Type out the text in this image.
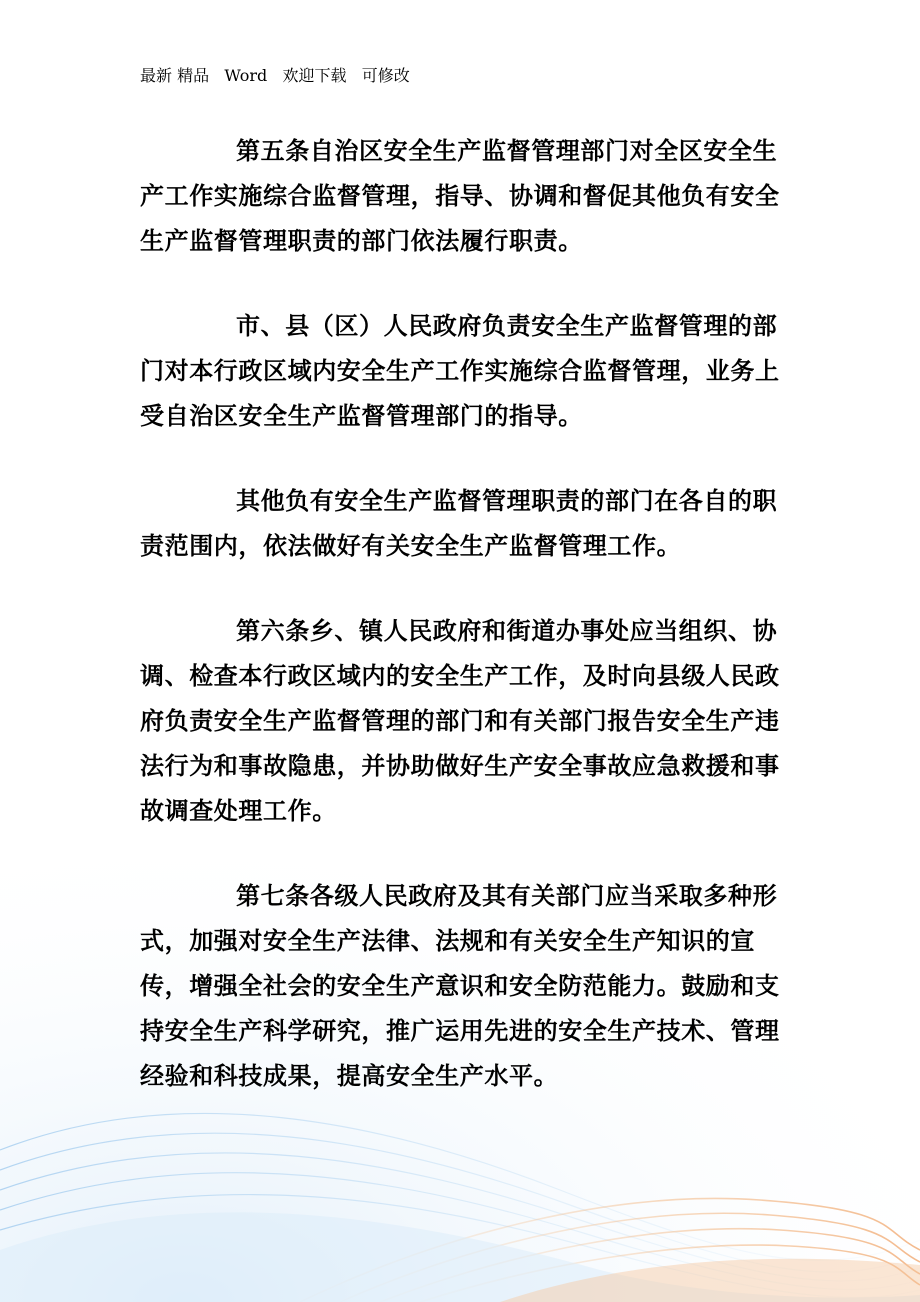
最新 精品   Word   欢迎下载   可修改

第五条自治区安全生产监督管理部门对全区安全生产工作实施综合监督管理，指导、协调和督促其他负有安全生产监督管理职责的部门依法履行职责。

市、县（区）人民政府负责安全生产监督管理的部门对本行政区域内安全生产工作实施综合监督管理，业务上受自治区安全生产监督管理部门的指导。

其他负有安全生产监督管理职责的部门在各自的职责范围内，依法做好有关安全生产监督管理工作。

第六条乡、镇人民政府和街道办事处应当组织、协调、检查本行政区域内的安全生产工作，及时向县级人民政府负责安全生产监督管理的部门和有关部门报告安全生产违法行为和事故隐患，并协助做好生产安全事故应急救援和事故调查处理工作。

第七条各级人民政府及其有关部门应当采取多种形式，加强对安全生产法律、法规和有关安全生产知识的宣传，增强全社会的安全生产意识和安全防范能力。鼓励和支持安全生产科学研究，推广运用先进的安全生产技术、管理经验和科技成果，提高安全生产水平。
